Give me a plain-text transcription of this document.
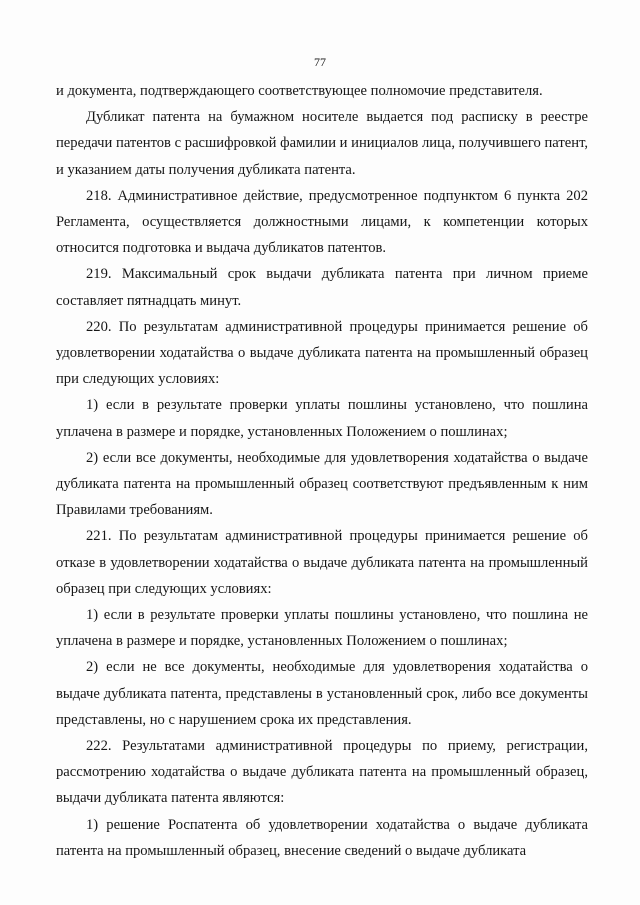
77

и документа, подтверждающего соответствующее полномочие представителя.

Дубликат патента на бумажном носителе выдается под расписку в реестре передачи патентов с расшифровкой фамилии и инициалов лица, получившего патент, и указанием даты получения дубликата патента.

218. Административное действие, предусмотренное подпунктом 6 пункта 202 Регламента, осуществляется должностными лицами, к компетенции которых относится подготовка и выдача дубликатов патентов.

219. Максимальный срок выдачи дубликата патента при личном приеме составляет пятнадцать минут.

220. По результатам административной процедуры принимается решение об удовлетворении ходатайства о выдаче дубликата патента на промышленный образец при следующих условиях:

1) если в результате проверки уплаты пошлины установлено, что пошлина уплачена в размере и порядке, установленных Положением о пошлинах;

2) если все документы, необходимые для удовлетворения ходатайства о выдаче дубликата патента на промышленный образец соответствуют предъявленным к ним Правилами требованиям.

221. По результатам административной процедуры принимается решение об отказе в удовлетворении ходатайства о выдаче дубликата патента на промышленный образец при следующих условиях:

1) если в результате проверки уплаты пошлины установлено, что пошлина не уплачена в размере и порядке, установленных Положением о пошлинах;

2) если не все документы, необходимые для удовлетворения ходатайства о выдаче дубликата патента, представлены в установленный срок, либо все документы представлены, но с нарушением срока их представления.

222. Результатами административной процедуры по приему, регистрации, рассмотрению ходатайства о выдаче дубликата патента на промышленный образец, выдачи дубликата патента являются:

1) решение Роспатента об удовлетворении ходатайства о выдаче дубликата патента на промышленный образец, внесение сведений о выдаче дубликата
